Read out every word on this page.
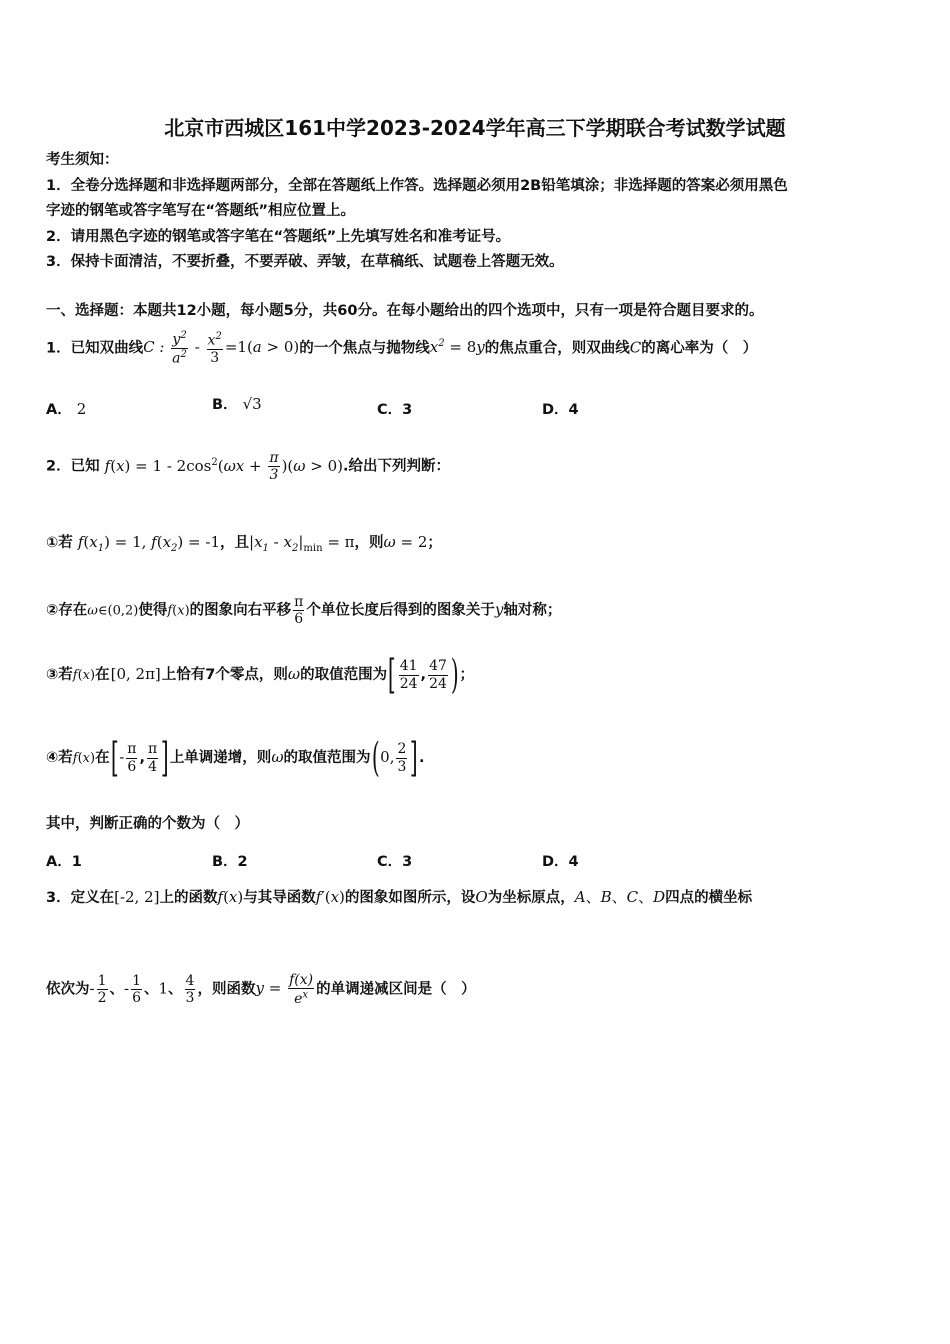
北京市西城区161中学2023-2024学年高三下学期联合考试数学试题
考生须知：
1．全卷分选择题和非选择题两部分，全部在答题纸上作答。选择题必须用2B铅笔填涂；非选择题的答案必须用黑色
字迹的钢笔或答字笔写在“答题纸”相应位置上。
2．请用黑色字迹的钢笔或答字笔在“答题纸”上先填写姓名和准考证号。
3．保持卡面清洁，不要折叠，不要弄破、弄皱，在草稿纸、试题卷上答题无效。
一、选择题：本题共12小题，每小题5分，共60分。在每小题给出的四个选项中，只有一项是符合题目要求的。
1．已知双曲线C : $\frac{y^2}{a^2} - \frac{x^2}{3} =1(a > 0)$的一个焦点与抛物线$x^2 = 8y$的焦点重合，则双曲线C的离心率为（　）
A． 2	B． √3	C．3	D．4
2．已知 $f(x) = 1 - 2\cos^2(\omega x + \frac{\pi}{3} )(\omega > 0)$.给出下列判断：
①若 $f(x_1) = 1$, $f(x_2) = -1$，且$|x_1 - x_2|_{min} = \pi$，则ω = 2；
②存在ω∈(0,2)使得f(x)的图象向右平移 $\frac{\pi}{6}$ 个单位长度后得到的图象关于y轴对称；
③若f(x)在[0, 2π]上恰有7个零点，则ω的取值范围为[ $\frac{41}{24}$ , $\frac{47}{24}$ )；
④若f(x)在[- $\frac{\pi}{6}$ , $\frac{\pi}{4}$ ]上单调递增，则ω的取值范围为(0, $\frac{2}{3}$ ].
其中，判断正确的个数为（　）
A．1	B．2	C．3	D．4
3．定义在[-2, 2]上的函数f(x)与其导函数f′(x)的图象如图所示，设O为坐标原点，A、B、C、D四点的横坐标
依次为- $\frac{1}{2}$ 、- $\frac{1}{6}$ 、1、 $\frac{4}{3}$ ，则函数$y = \frac{f(x)}{e^x}$ 的单调递减区间是（　）
